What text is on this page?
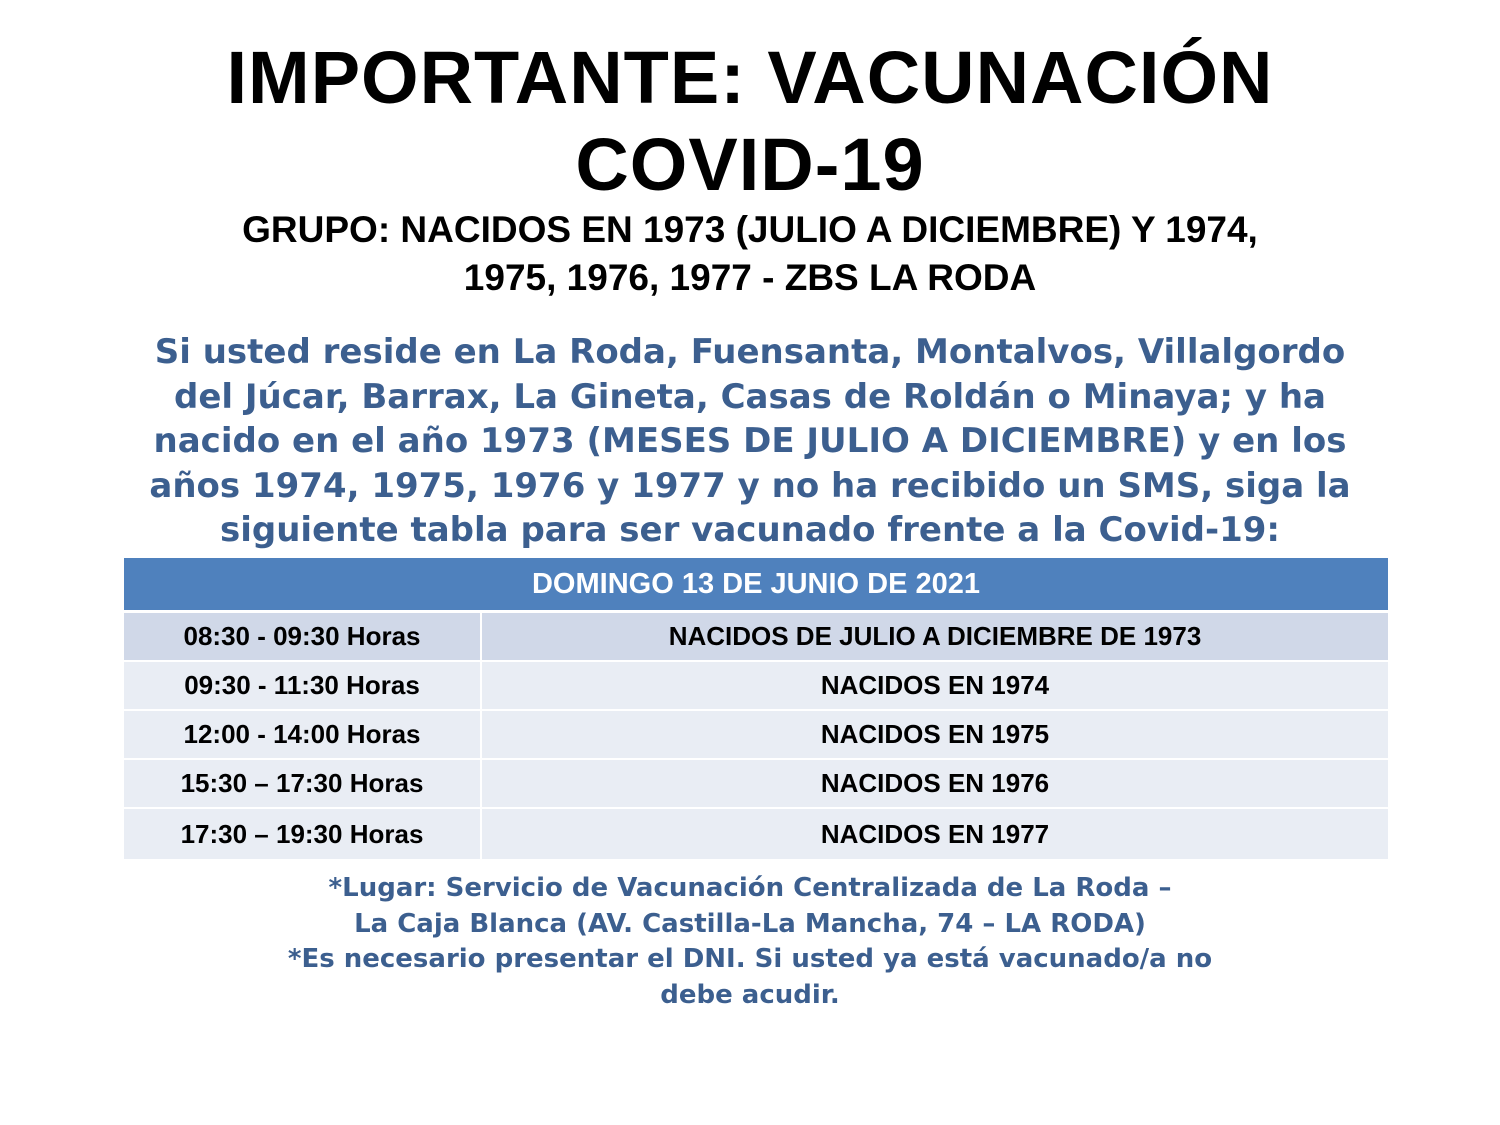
IMPORTANTE: VACUNACIÓN
COVID-19
GRUPO: NACIDOS EN 1973 (JULIO A DICIEMBRE) Y 1974,
1975, 1976, 1977 - ZBS LA RODA
Si usted reside en La Roda, Fuensanta, Montalvos, Villalgordo
del Júcar, Barrax, La Gineta, Casas de Roldán o Minaya; y ha
nacido en el año 1973 (MESES DE JULIO A DICIEMBRE) y en los
años 1974, 1975, 1976 y 1977 y no ha recibido un SMS, siga la
siguiente tabla para ser vacunado frente a la Covid-19:
DOMINGO 13 DE JUNIO DE 2021	
08:30 - 09:30 Horas	NACIDOS DE JULIO A DICIEMBRE DE 1973
09:30 - 11:30 Horas	NACIDOS EN 1974
12:00 - 14:00 Horas	NACIDOS EN 1975
15:30 – 17:30 Horas	NACIDOS EN 1976
17:30 – 19:30 Horas	NACIDOS EN 1977
*Lugar: Servicio de Vacunación Centralizada de La Roda –
La Caja Blanca (AV. Castilla-La Mancha, 74 – LA RODA)
*Es necesario presentar el DNI. Si usted ya está vacunado/a no
debe acudir.
